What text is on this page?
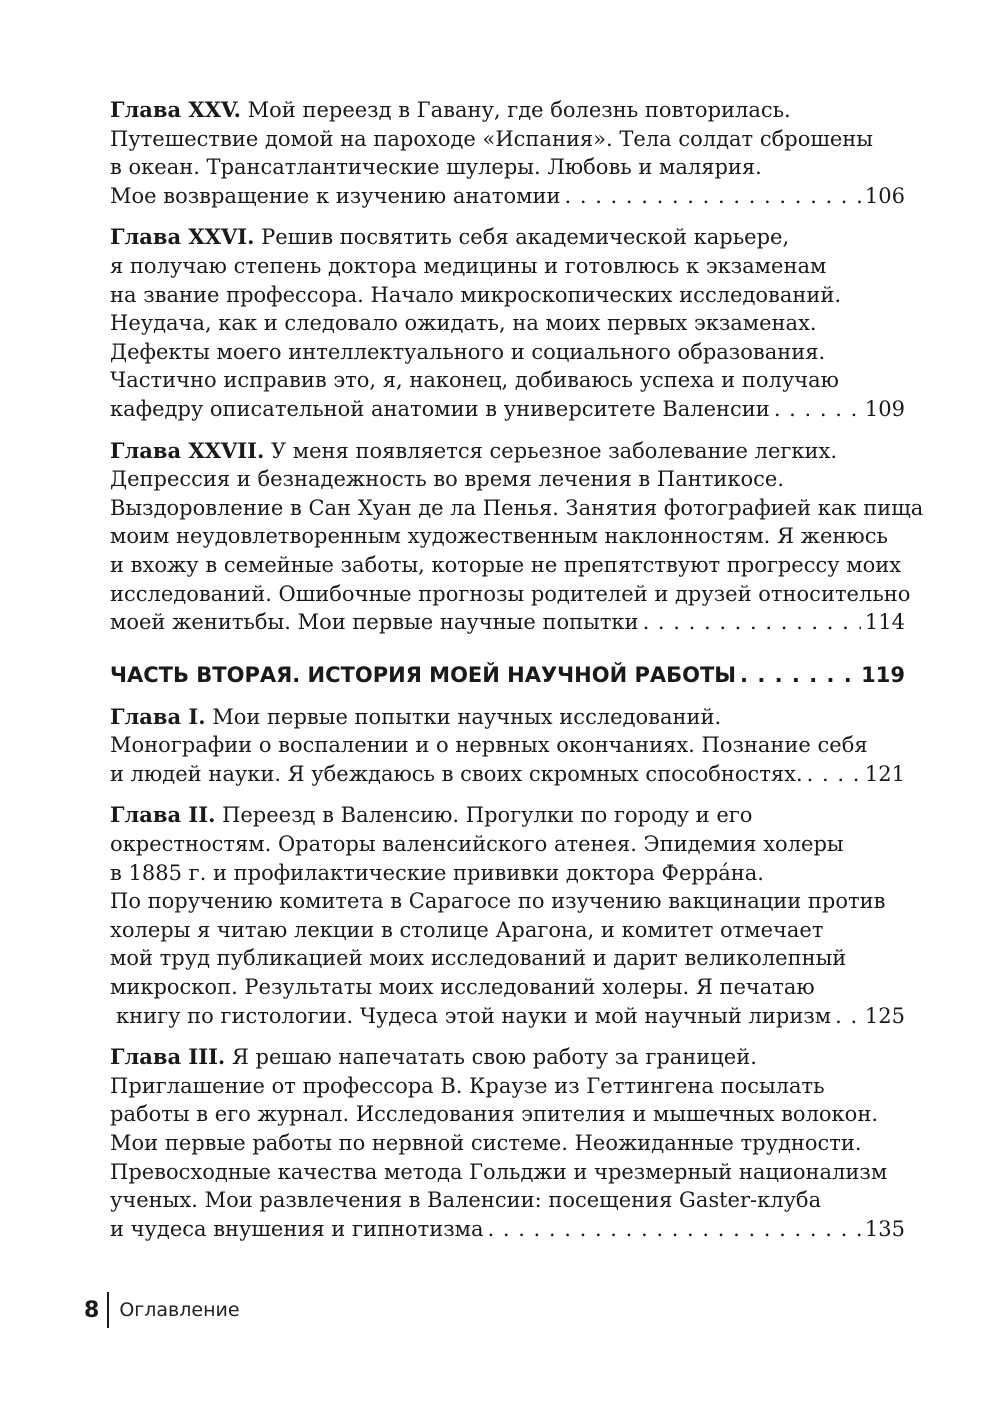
Глава XXV. Мой переезд в Гавану, где болезнь повторилась.
Путешествие домой на пароходе «Испания». Тела солдат сброшены
в океан. Трансатлантические шулеры. Любовь и малярия.
Мое возвращение к изучению анатомии . . .	106
Глава XXVI. Решив посвятить себя академической карьере,
я получаю степень доктора медицины и готовлюсь к экзаменам
на звание профессора. Начало микроскопических исследований.
Неудача, как и следовало ожидать, на моих первых экзаменах.
Дефекты моего интеллектуального и социального образования.
Частично исправив это, я, наконец, добиваюсь успеха и получаю
кафедру описательной анатомии в университете Валенсии . . .	109
Глава XXVII. У меня появляется серьезное заболевание легких.
Депрессия и безнадежность во время лечения в Пантикосе.
Выздоровление в Сан Хуан де ла Пенья. Занятия фотографией как пища
моим неудовлетворенным художественным наклонностям. Я женюсь
и вхожу в семейные заботы, которые не препятствуют прогрессу моих
исследований. Ошибочные прогнозы родителей и друзей относительно
моей женитьбы. Мои первые научные попытки . . .	114
ЧАСТЬ ВТОРАЯ. ИСТОРИЯ МОЕЙ НАУЧНОЙ РАБОТЫ . . .	119
Глава I. Мои первые попытки научных исследований.
Монографии о воспалении и о нервных окончаниях. Познание себя
и людей науки. Я убеждаюсь в своих скромных способностях. . . .	121
Глава II. Переезд в Валенсию. Прогулки по городу и его
окрестностям. Ораторы валенсийского атенея. Эпидемия холеры
в 1885 г. и профилактические прививки доктора Ферра́на.
По поручению комитета в Сарагосе по изучению вакцинации против
холеры я читаю лекции в столице Арагона, и комитет отмечает
мой труд публикацией моих исследований и дарит великолепный
микроскоп. Результаты моих исследований холеры. Я печатаю
книгу по гистологии. Чудеса этой науки и мой научный лиризм . . . 125
Глава III. Я решаю напечатать свою работу за границей.
Приглашение от профессора В. Краузе из Геттингена посылать
работы в его журнал. Исследования эпителия и мышечных волокон.
Мои первые работы по нервной системе. Неожиданные трудности.
Превосходные качества метода Гольджи и чрезмерный национализм
ученых. Мои развлечения в Валенсии: посещения Gaster-клуба
и чудеса внушения и гипнотизма . . .	135
8 Оглавление
